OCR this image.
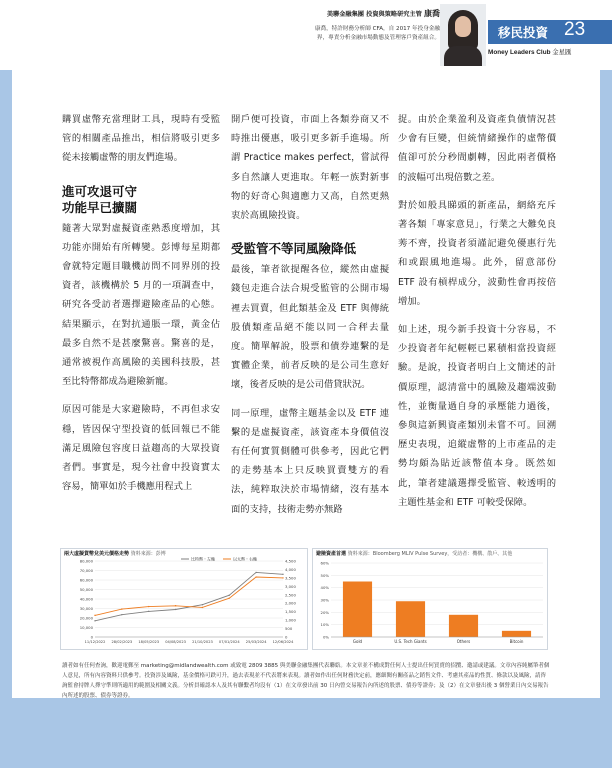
美聯金融集團 投資與策略研究主管 康喬
康喬，特許財務分析師 CFA，自 2017 年投身金融
界，專責分析金融市場動態及管理客戶資產組合。	移民投資 23
Money Leaders Club 金星匯

購買虛幣充當理財工具，現時有受監管的相關產品推出，相信將吸引更多從未接觸虛幣的朋友們進場。

進可攻退可守
功能早已擴闊

隨著大眾對虛擬資產熟悉度增加，其功能亦開始有所轉變。彭博每星期都會就特定題目職機訪問不同界別的投資者，該機構於 5 月的一項調查中，研究各受訪者選擇避險產品的心態。結果顯示，在對抗通脹一環，黃金佔最多自然不是甚麼驚喜。驚喜的是，通常被視作高風險的美國科技股，甚至比特幣都成為避險新寵。

原因可能是大家避險時，不再但求安穩，皆因保守型投資的低回報已不能滿足風險包容度日益趨高的大眾投資者們。事實是，現今社會中投資實太容易，簡單如於手機應用程式上

開戶便可投資，市面上各類券商又不時推出優惠，吸引更多新手進場。所謂 Practice makes perfect，嘗試得多自然讓人更進取。年輕一族對新事物的好奇心與適應力又高，自然更熱衷於高風險投資。

受監管不等同風險降低

最後，筆者欲提醒各位，縱然由虛擬錢包走進合法合規受監管的公開市場裡去買賣，但此類基金及 ETF 與傳統股債類產品絕不能以同一合秤去量度。簡單解說，股票和債券連繫的是實體企業，前者反映的是公司生意好壞，後者反映的是公司借貸狀況。

同一原理，虛幣主題基金以及 ETF 連繫的是虛擬資產，該資產本身價值沒有任何實質側體可供參考，因此它們的走勢基本上只反映買賣雙方的看法，純粹取決於市場情緒，沒有基本面的支持，技術走勢亦無路

捉。由於企業盈利及資產負債情況甚少會有巨變，但統情緒操作的虛幣價值卻可於分秒間劇轉，因此兩者價格的波幅可出現倍數之差。

對於如般具睇頭的新產品，網絡充斥著各類「專家意見」，行業之大難免良莠不齊，投資者須謹記避免優惠行先和或跟風地進場。此外，留意部份 ETF 設有槓桿成分，波動性會再按倍增加。

如上述，現今新手投資十分容易，不少投資者年紀輕輕已累積相當投資經驗。是說，投資者明白上文簡述的計價原理，認清當中的風險及趨端波動性，並衡量過自身的承壓能力過後，參與這新興資產類別未嘗不可。回溯歷史表現，追縱虛幣的上市產品的走勢均頗為貼近該幣值本身。既然如此，筆者建議選擇受監管、較透明的主題性基金和 ETF 可較受保障。

兩大虛擬貨幣兌美元價格走勢 資料來源：彭博
0
10,000
20,000
30,000
40,000
50,000
60,000
70,000
80,000
0
500
1,000
1,500
2,000
2,500
3,000
3,500
4,000
4,500
11/12/2022 28/02/2023 18/05/2023 04/08/2023 21/10/2023 07/01/2024 25/03/2024 12/06/2024
比特幣・左軸	以太幣・右軸
避險資產首選 資料來源：Bloomberg MLIV Pulse Survey，受訪者：機構、散戶、其他
0%
10%
20%
30%
40%
50%
60%
Gold	U.S. Tech Giants	Others	Bitcoin

讀者如有任何查詢，歡迎電郵至 marketing@midlandwealth.com 或致電 2809 3885 與美聯金融集團代表聯絡。本文章並不構成對任何人士提出任何買賣的招攬、邀請或建議。文章內容純屬筆者個人意見，所有內容資料只供參考。投資涉及風險，基金價格可跌可升，過去表現並不代表將來表現。讀者如作出任何財務決定前，應細閱有關產品之銷售文件、考慮其產品的性質、條款以及風險，請咨詢監會持牌人擇守準則所適用的範圍及相關文義。分析員確認本人及其有聯繫者均沒有（1）在文章發出前 30 日內曾交易報告內所述的股票、債券等證券；及（2）在文章發出後 3 個營業日內交易報告內所述的股票、債券等證券。
